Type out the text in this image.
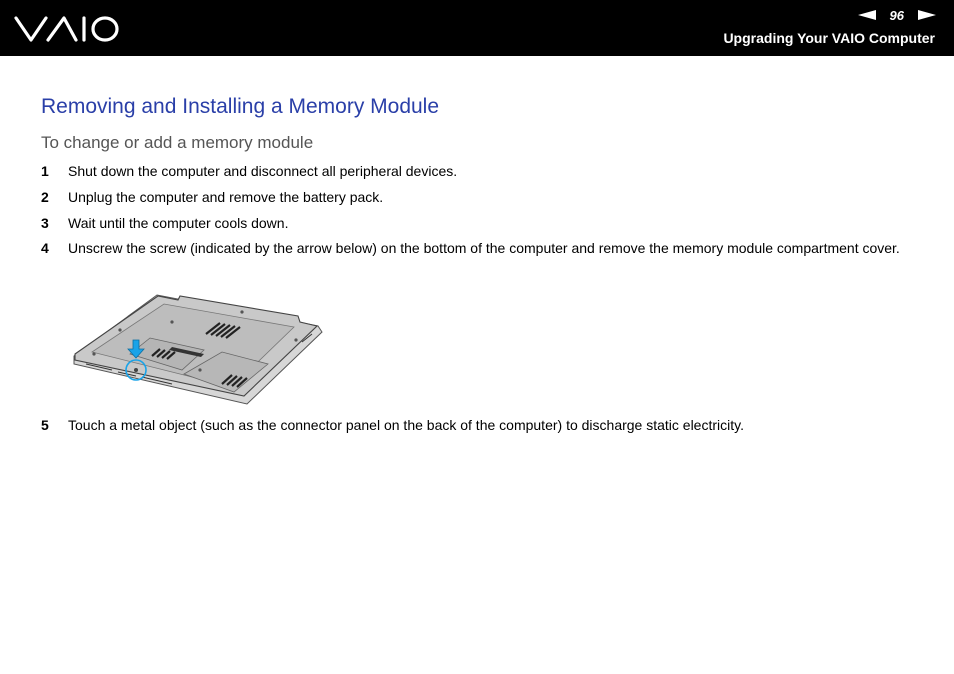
96
Upgrading Your VAIO Computer
Removing and Installing a Memory Module
To change or add a memory module
1 Shut down the computer and disconnect all peripheral devices.
2 Unplug the computer and remove the battery pack.
3 Wait until the computer cools down.
4 Unscrew the screw (indicated by the arrow below) on the bottom of the computer and remove the memory module compartment cover.
5 Touch a metal object (such as the connector panel on the back of the computer) to discharge static electricity.
